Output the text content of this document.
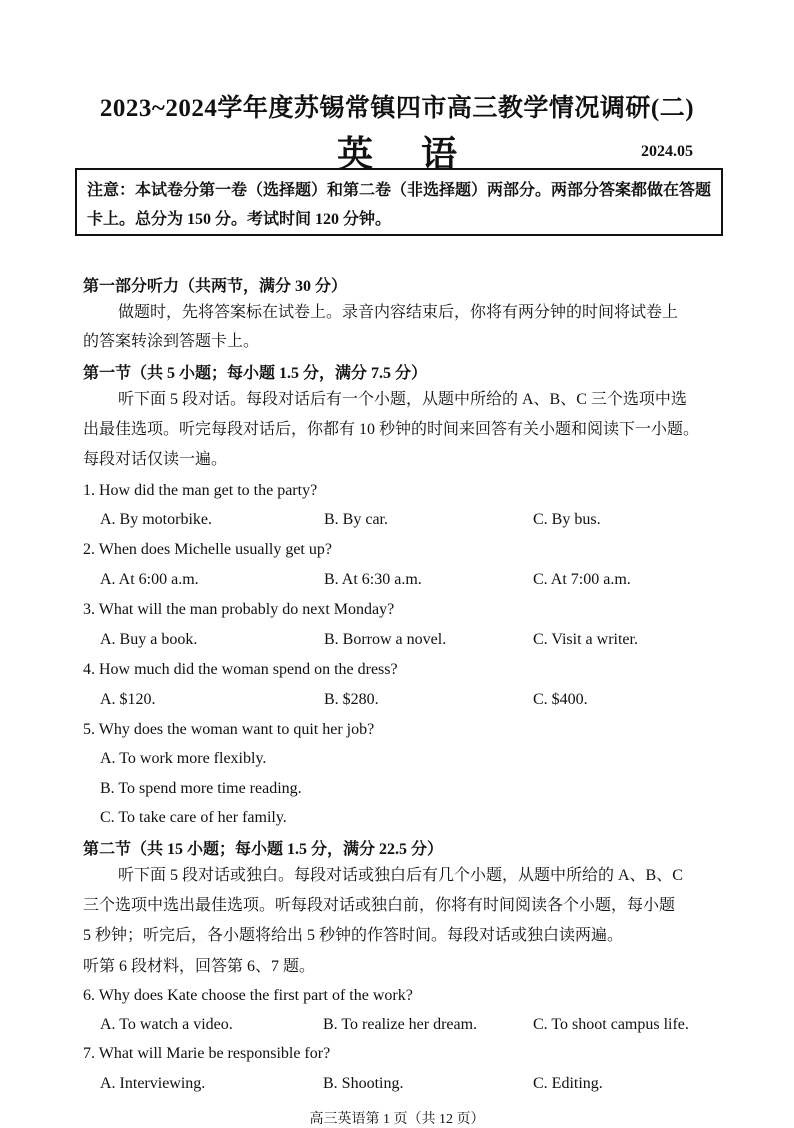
2023~2024学年度苏锡常镇四市高三教学情况调研(二)
英语	2024.05
注意：本试卷分第一卷（选择题）和第二卷（非选择题）两部分。两部分答案都做在答题卡上。总分为 150 分。考试时间 120 分钟。
第一部分听力（共两节，满分 30 分）
做题时，先将答案标在试卷上。录音内容结束后，你将有两分钟的时间将试卷上
的答案转涂到答题卡上。
第一节（共 5 小题；每小题 1.5 分，满分 7.5 分）
听下面 5 段对话。每段对话后有一个小题，从题中所给的 A、B、C 三个选项中选
出最佳选项。听完每段对话后，你都有 10 秒钟的时间来回答有关小题和阅读下一小题。
每段对话仅读一遍。
1. How did the man get to the party?
A. By motorbike.	B. By car.	C. By bus.
2. When does Michelle usually get up?
A. At 6:00 a.m.	B. At 6:30 a.m.	C. At 7:00 a.m.
3. What will the man probably do next Monday?
A. Buy a book.	B. Borrow a novel.	C. Visit a writer.
4. How much did the woman spend on the dress?
A. $120.	B. $280.	C. $400.
5. Why does the woman want to quit her job?
A. To work more flexibly.
B. To spend more time reading.
C. To take care of her family.
第二节（共 15 小题；每小题 1.5 分，满分 22.5 分）
听下面 5 段对话或独白。每段对话或独白后有几个小题，从题中所给的 A、B、C
三个选项中选出最佳选项。听每段对话或独白前，你将有时间阅读各个小题，每小题
5 秒钟；听完后，各小题将给出 5 秒钟的作答时间。每段对话或独白读两遍。
听第 6 段材料，回答第 6、7 题。
6. Why does Kate choose the first part of the work?
A. To watch a video.	B. To realize her dream.	C. To shoot campus life.
7. What will Marie be responsible for?
A. Interviewing.	B. Shooting.	C. Editing.
高三英语第 1 页（共 12 页）
